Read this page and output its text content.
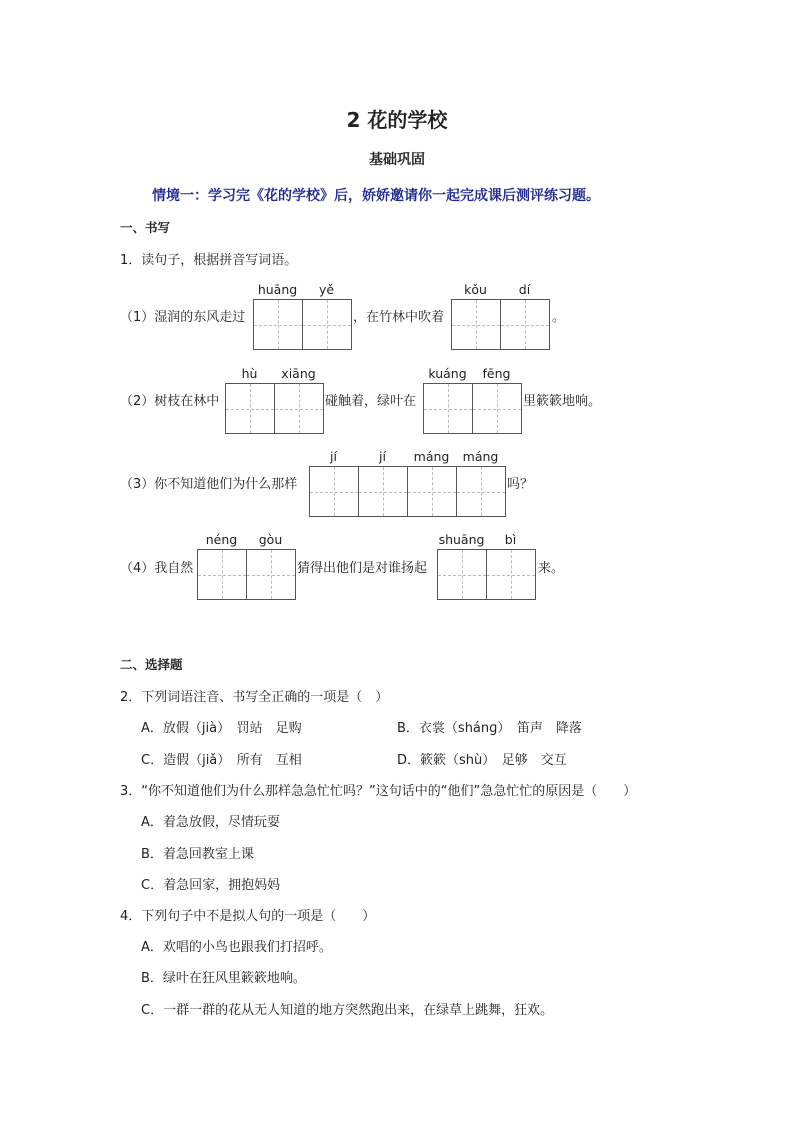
2 花的学校
基础巩固
情境一：学习完《花的学校》后，娇娇邀请你一起完成课后测评练习题。
一、书写
1．读句子，根据拼音写词语。
（1）湿润的东风走过
huāng	yě
，在竹林中吹着
kǒu	dí
。
（2）树枝在林中
hù	xiāng
碰触着，绿叶在
kuáng	fēng
里簌簌地响。
（3）你不知道他们为什么那样
jí	jí	máng	máng
吗？
（4）我自然
néng	gòu
猜得出他们是对谁扬起
shuāng	bì
来。
二、选择题
2．下列词语注音、书写全正确的一项是（　）
A．放假（jià）　罚站　足购	B．衣裳（shánɡ）　笛声　降落
C．造假（jiǎ）　所有　互相	D．簌簌（shù）　足够　交互
3．“你不知道他们为什么那样急急忙忙吗？”这句话中的“他们”急急忙忙的原因是（　　）
A．着急放假，尽情玩耍
B．着急回教室上课
C．着急回家，拥抱妈妈
4．下列句子中不是拟人句的一项是（　　）
A．欢唱的小鸟也跟我们打招呼。
B．绿叶在狂风里簌簌地响。
C．一群一群的花从无人知道的地方突然跑出来，在绿草上跳舞，狂欢。
